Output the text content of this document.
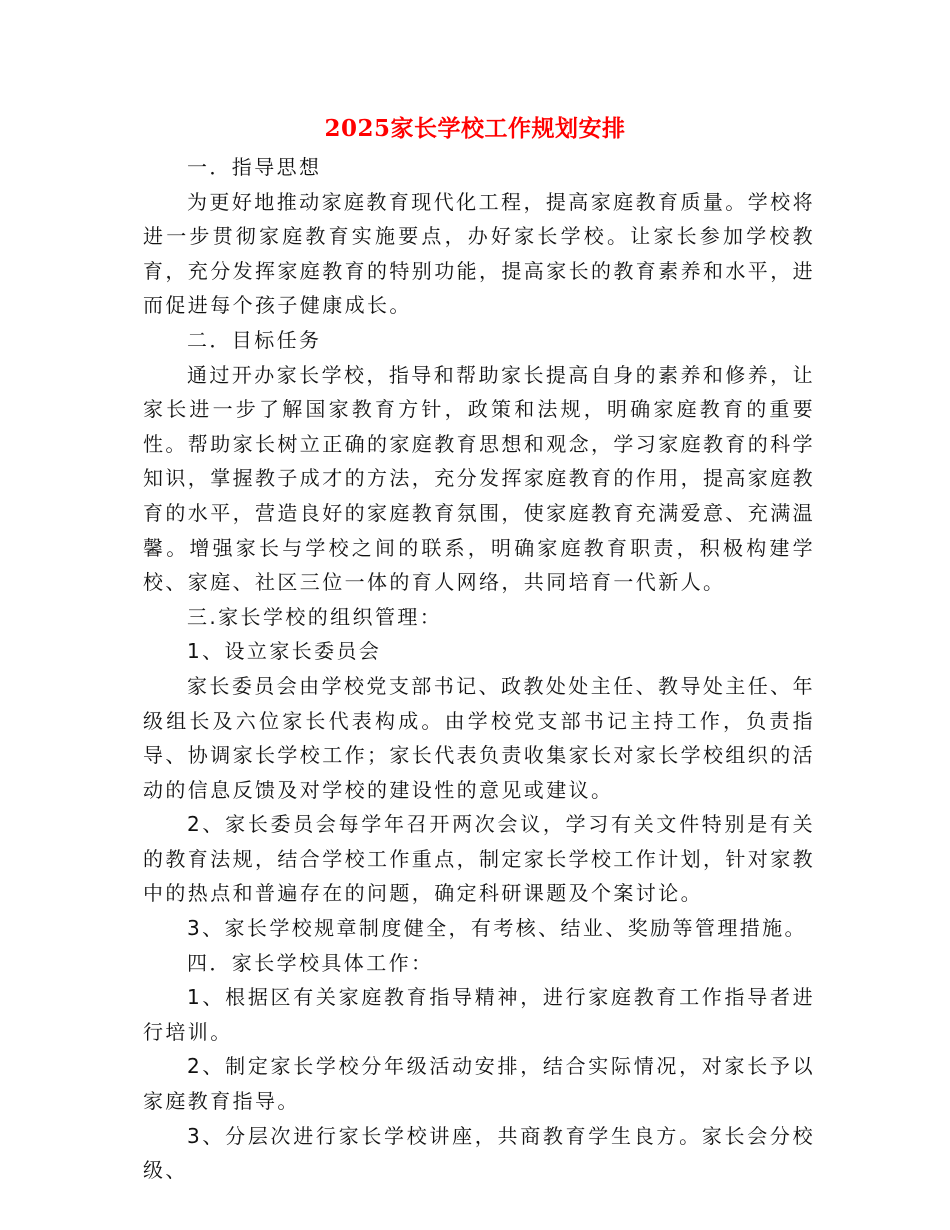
2025家长学校工作规划安排

一．指导思想

为更好地推动家庭教育现代化工程，提高家庭教育质量。学校将进一步贯彻家庭教育实施要点，办好家长学校。让家长参加学校教育，充分发挥家庭教育的特别功能，提高家长的教育素养和水平，进而促进每个孩子健康成长。

二．目标任务

通过开办家长学校，指导和帮助家长提高自身的素养和修养，让家长进一步了解国家教育方针，政策和法规，明确家庭教育的重要性。帮助家长树立正确的家庭教育思想和观念，学习家庭教育的科学知识，掌握教子成才的方法，充分发挥家庭教育的作用，提高家庭教育的水平，营造良好的家庭教育氛围，使家庭教育充满爱意、充满温馨。增强家长与学校之间的联系，明确家庭教育职责，积极构建学校、家庭、社区三位一体的育人网络，共同培育一代新人。

三.家长学校的组织管理：

1、设立家长委员会

家长委员会由学校党支部书记、政教处处主任、教导处主任、年级组长及六位家长代表构成。由学校党支部书记主持工作，负责指导、协调家长学校工作；家长代表负责收集家长对家长学校组织的活动的信息反馈及对学校的建设性的意见或建议。

2、家长委员会每学年召开两次会议，学习有关文件特别是有关的教育法规，结合学校工作重点，制定家长学校工作计划，针对家教中的热点和普遍存在的问题，确定科研课题及个案讨论。

3、家长学校规章制度健全，有考核、结业、奖励等管理措施。

四．家长学校具体工作：

1、根据区有关家庭教育指导精神，进行家庭教育工作指导者进行培训。

2、制定家长学校分年级活动安排，结合实际情况，对家长予以家庭教育指导。

3、分层次进行家长学校讲座，共商教育学生良方。家长会分校级、
